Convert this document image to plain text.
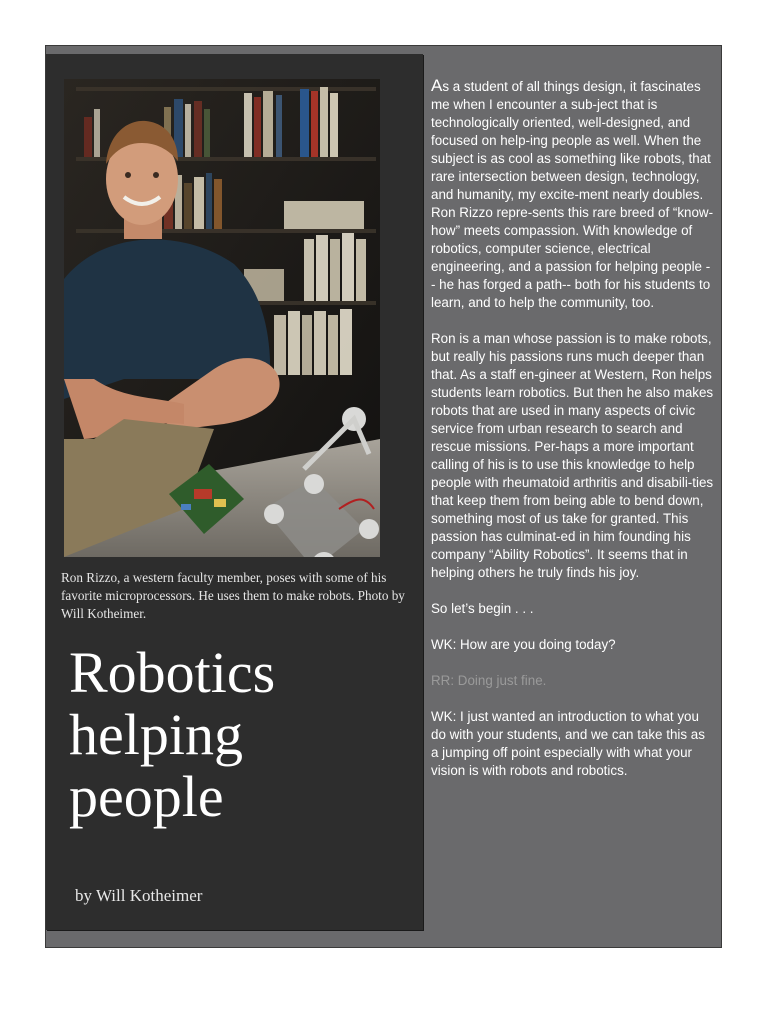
Ron Rizzo, a western faculty member, poses with some of his favorite microprocessors. He uses them to make robots. Photo by Will Kotheimer.
Robotics
helping
people
by Will Kotheimer

As a student of all things design, it fascinates me when I encounter a sub-ject that is technologically oriented, well-designed, and focused on help-ing people as well. When the subject is as cool as something like robots, that rare intersection between design, technology, and humanity, my excite-ment nearly doubles. Ron Rizzo repre-sents this rare breed of “know-how” meets compassion. With knowledge of robotics, computer science, electrical engineering, and a passion for helping people -- he has forged a path-- both for his students to learn, and to help the community, too.

Ron is a man whose passion is to make robots, but really his passions runs much deeper than that. As a staff en-gineer at Western, Ron helps students learn robotics. But then he also makes robots that are used in many aspects of civic service from urban research to search and rescue missions. Per-haps a more important calling of his is to use this knowledge to help people with rheumatoid arthritis and disabili-ties that keep them from being able to bend down, something most of us take for granted. This passion has culminat-ed in him founding his company “Ability Robotics”. It seems that in helping others he truly finds his joy.

So let’s begin . . .

WK: How are you doing today?

RR: Doing just fine.

WK: I just wanted an introduction to what you do with your students, and we can take this as a jumping off point especially with what your vision is with robots and robotics.
